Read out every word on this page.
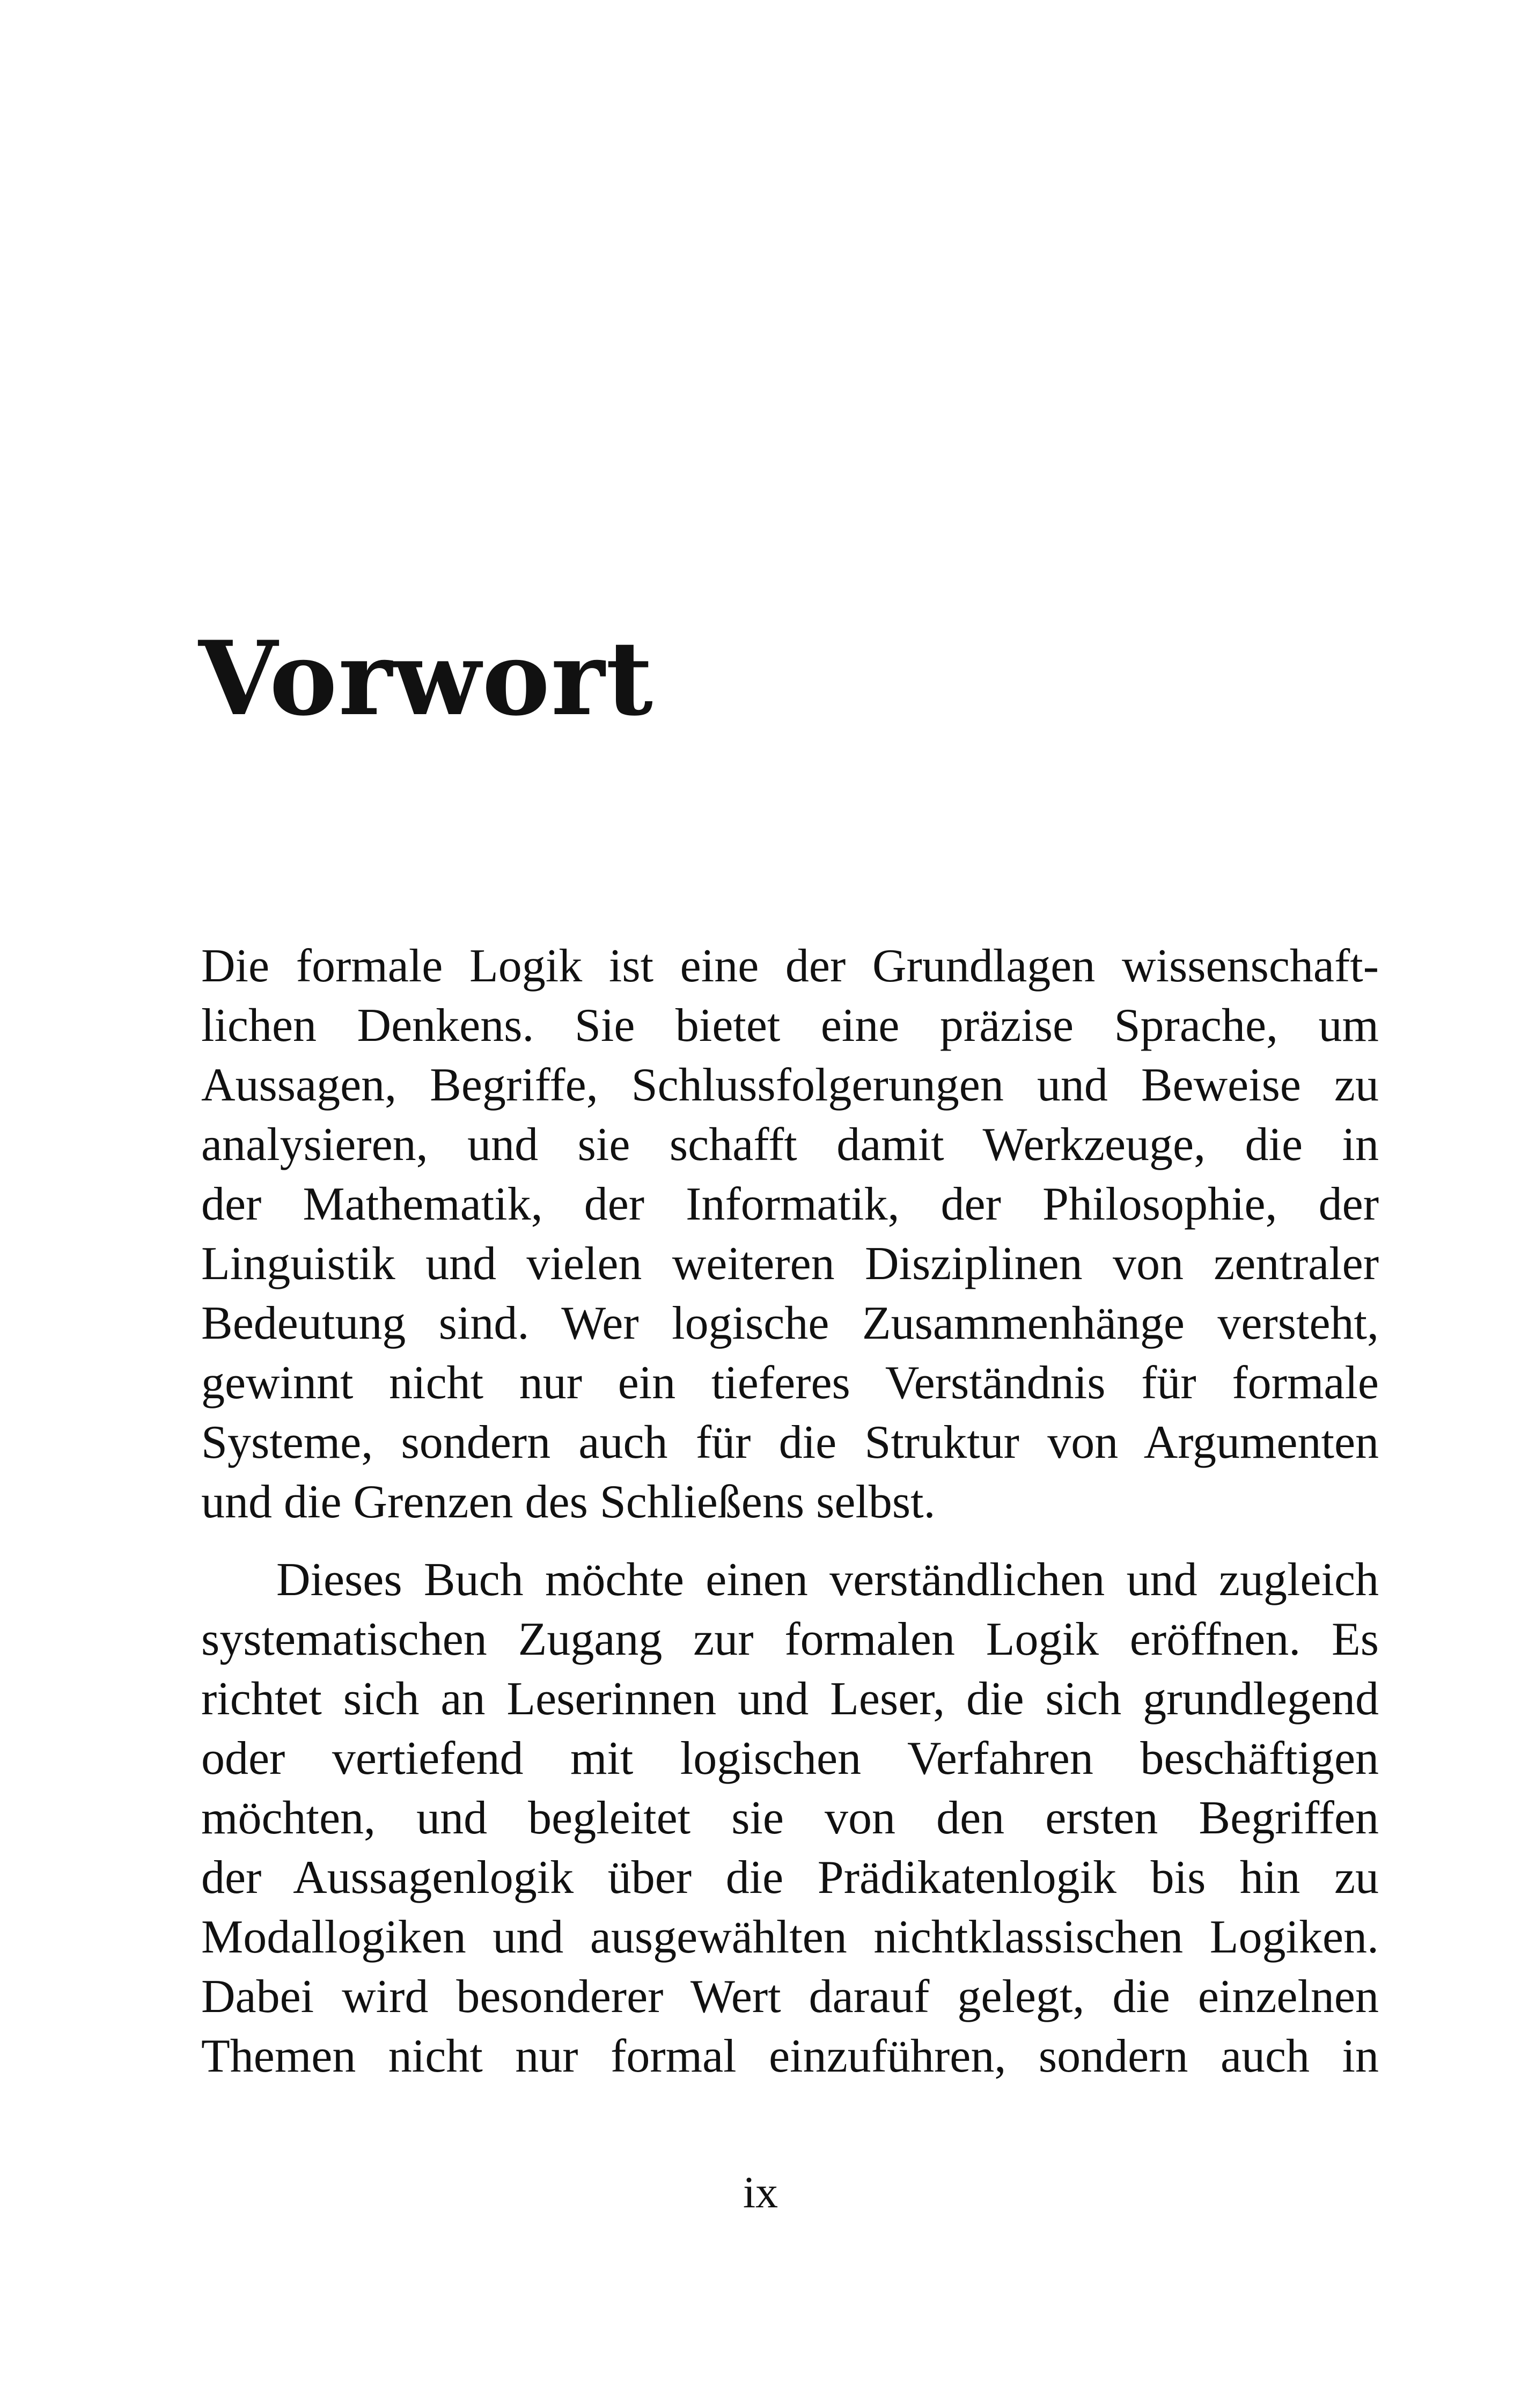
Vorwort
Die formale Logik ist eine der Grundlagen wissenschaft-
lichen Denkens. Sie bietet eine präzise Sprache, um
Aussagen, Begriffe, Schlussfolgerungen und Beweise zu
analysieren, und sie schafft damit Werkzeuge, die in
der Mathematik, der Informatik, der Philosophie, der
Linguistik und vielen weiteren Disziplinen von zentraler
Bedeutung sind. Wer logische Zusammenhänge versteht,
gewinnt nicht nur ein tieferes Verständnis für formale
Systeme, sondern auch für die Struktur von Argumenten
und die Grenzen des Schließens selbst.
Dieses Buch möchte einen verständlichen und zugleich
systematischen Zugang zur formalen Logik eröffnen. Es
richtet sich an Leserinnen und Leser, die sich grundlegend
oder vertiefend mit logischen Verfahren beschäftigen
möchten, und begleitet sie von den ersten Begriffen
der Aussagenlogik über die Prädikatenlogik bis hin zu
Modallogiken und ausgewählten nichtklassischen Logiken.
Dabei wird besonderer Wert darauf gelegt, die einzelnen
Themen nicht nur formal einzuführen, sondern auch in
ix
